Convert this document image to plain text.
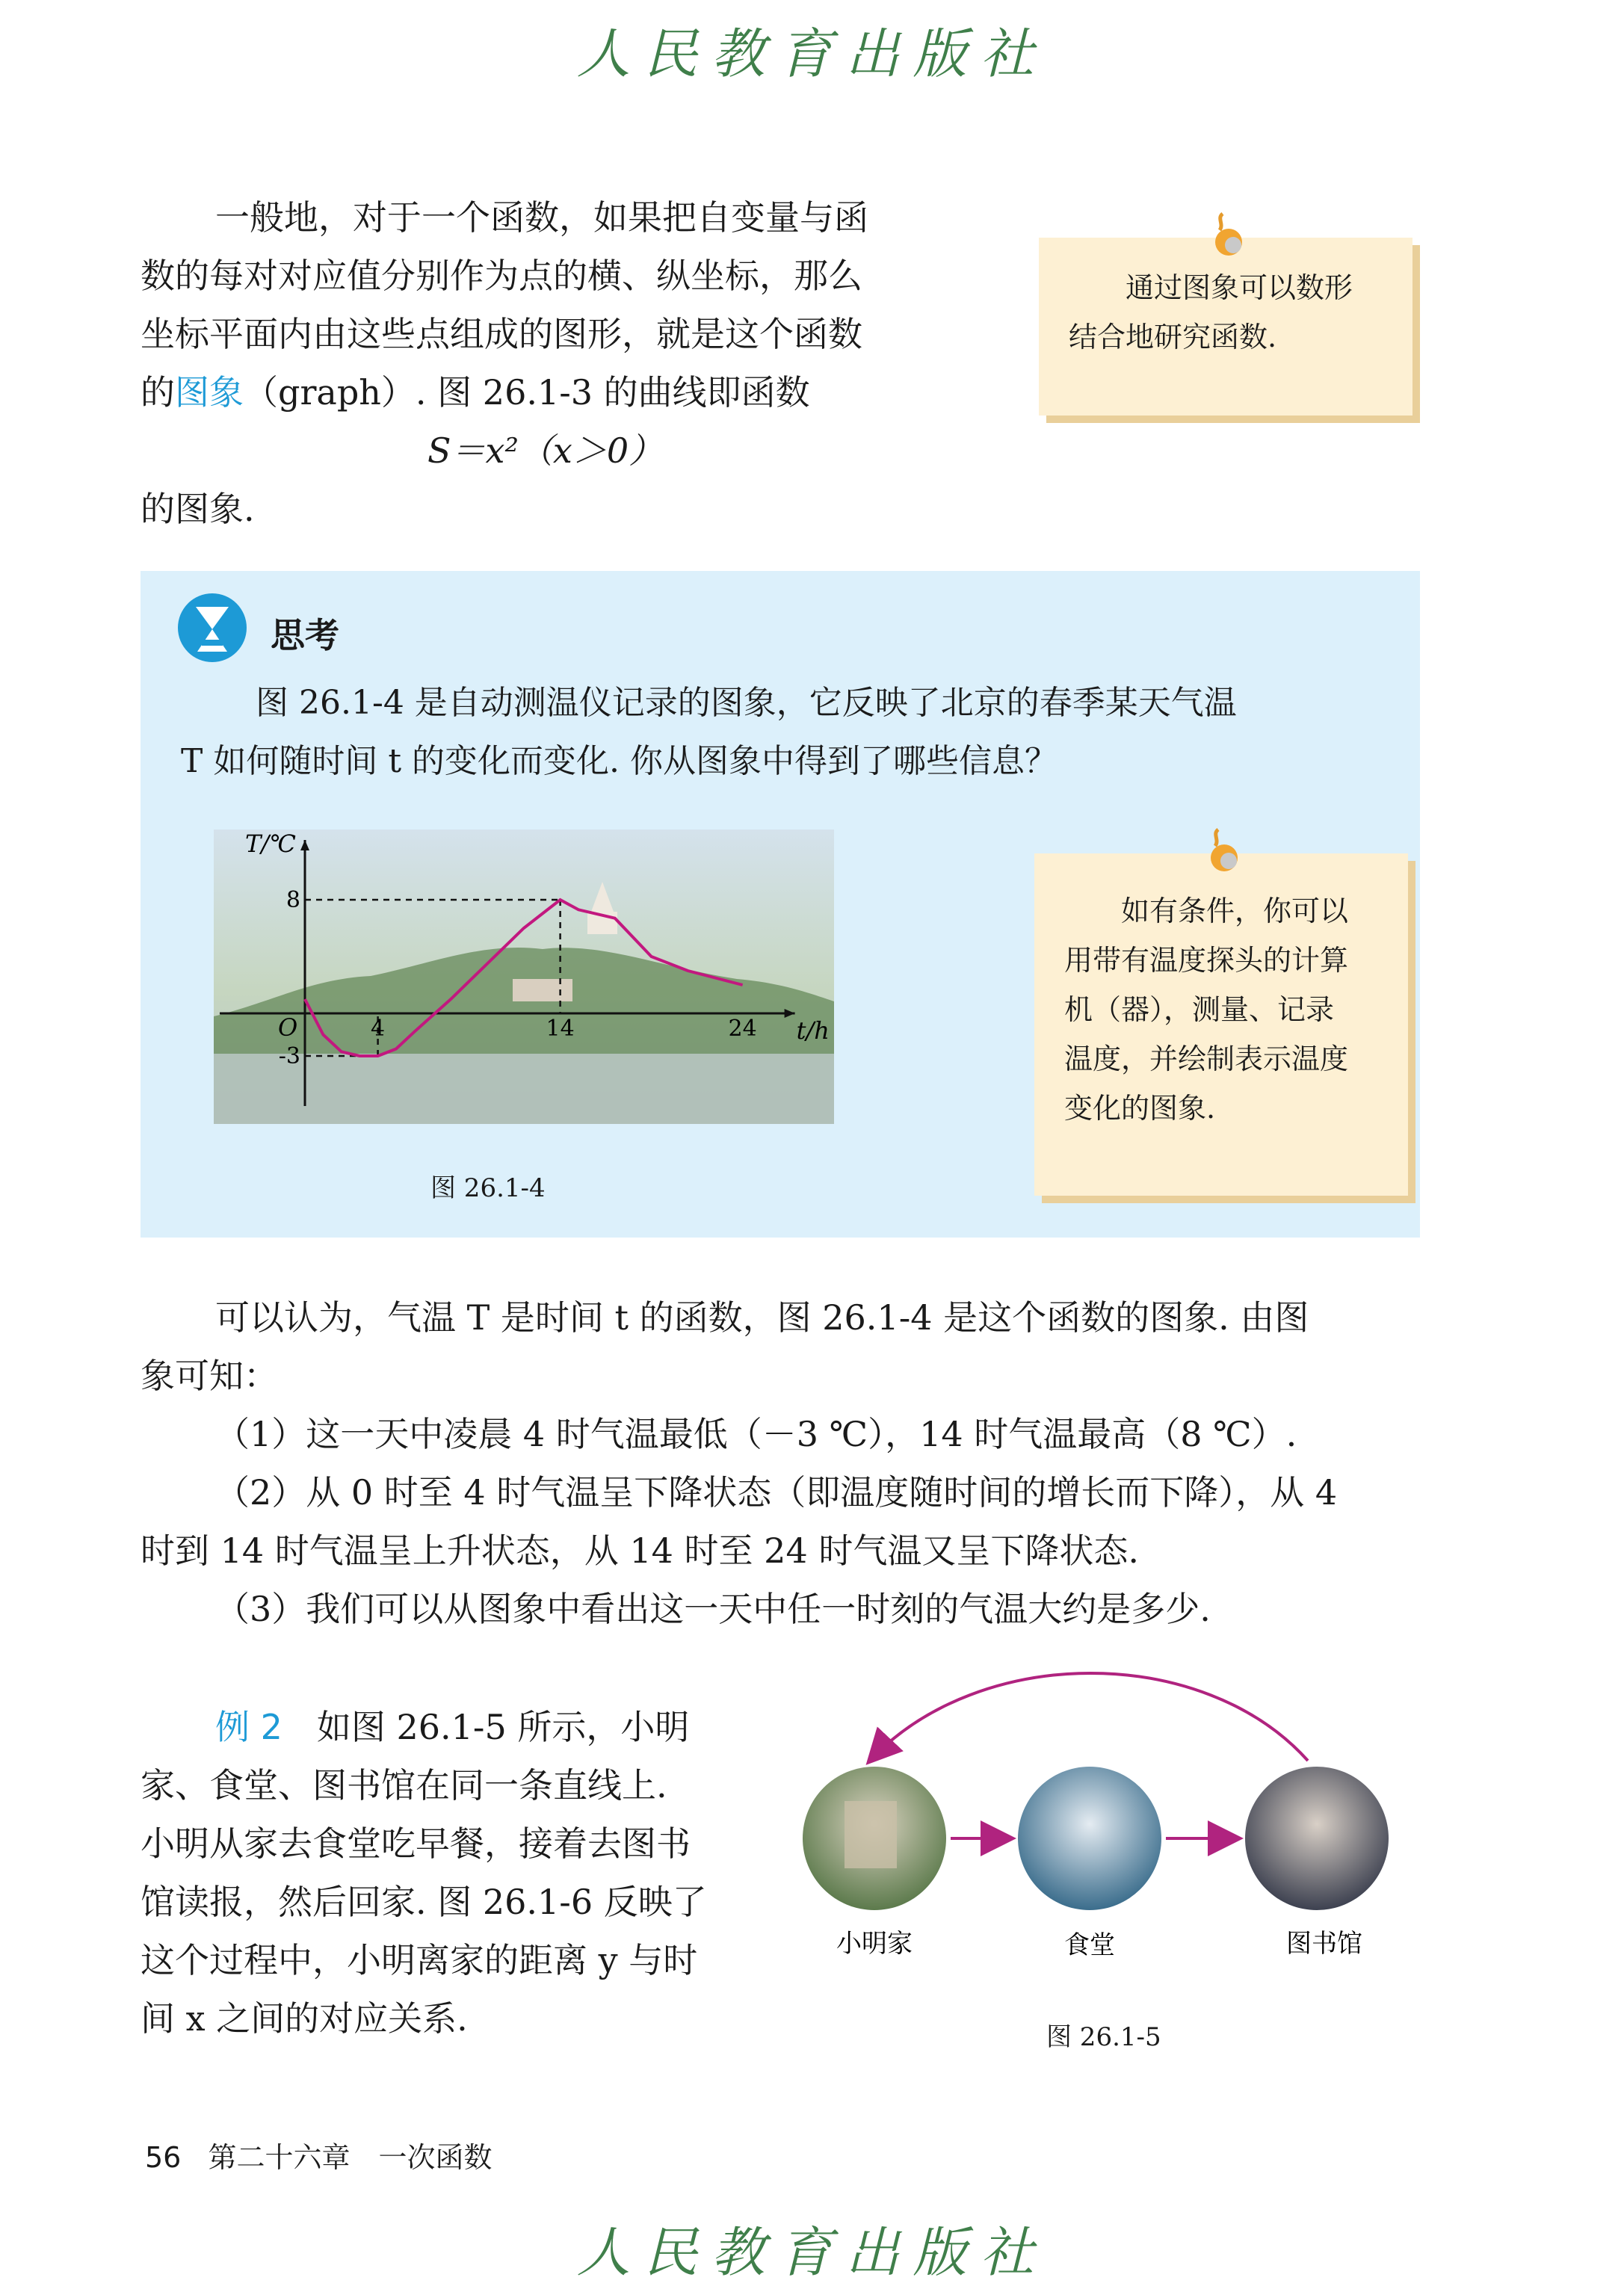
人民教育出版社

一般地，对于一个函数，如果把自变量与函

数的每对对应值分别作为点的横、纵坐标，那么

坐标平面内由这些点组成的图形，就是这个函数

的图象（graph）. 图 26.1-3 的曲线即函数

S＝x²（x＞0）

的图象.

通过图象可以数形

结合地研究函数.

思考

图 26.1-4 是自动测温仪记录的图象，它反映了北京的春季某天气温

T 如何随时间 t 的变化而变化. 你从图象中得到了哪些信息？

T/℃
t/h
O
8
-3
4	14	24
图 26.1-4

如有条件，你可以

用带有温度探头的计算

机（器），测量、记录

温度，并绘制表示温度

变化的图象.

可以认为，气温 T 是时间 t 的函数，图 26.1-4 是这个函数的图象. 由图

象可知：

（1）这一天中凌晨 4 时气温最低（－3 ℃），14 时气温最高（8 ℃）.

（2）从 0 时至 4 时气温呈下降状态（即温度随时间的增长而下降），从 4

时到 14 时气温呈上升状态，从 14 时至 24 时气温又呈下降状态.

（3）我们可以从图象中看出这一天中任一时刻的气温大约是多少.

例 2　 如图 26.1-5 所示，小明

家、食堂、图书馆在同一条直线上.

小明从家去食堂吃早餐，接着去图书

馆读报，然后回家. 图 26.1-6 反映了

这个过程中，小明离家的距离 y 与时

间 x 之间的对应关系.

小明家	食堂	图书馆
图 26.1-5
56 第二十六章　一次函数
人民教育出版社
